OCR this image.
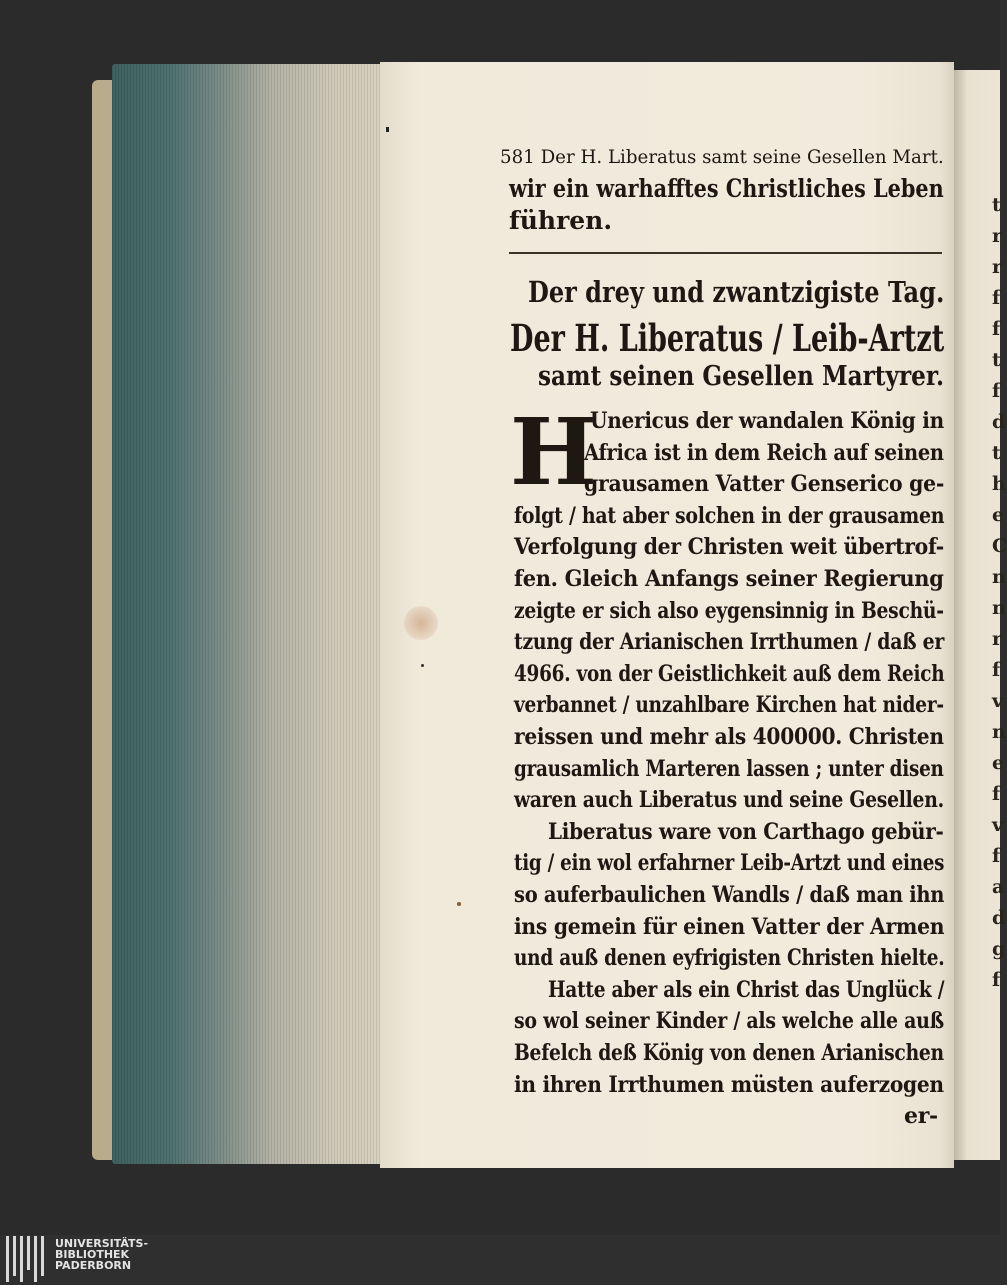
t
r
r
f
f
t
f
d
t
h
e
C
n
n
r
f
v
n
e
f
v
f
a
d
g
f
581 Der H. Liberatus samt seine Gesellen Mart.
wir ein warhafftes Christliches Leben
führen.
Der drey und zwantzigiste Tag.
Der H. Liberatus / Leib-Artzt
samt seinen Gesellen Martyrer.
H
Unericus der wandalen König in
Africa ist in dem Reich auf seinen
grausamen Vatter Genserico ge-
folgt / hat aber solchen in der grausamen
Verfolgung der Christen weit übertrof-
fen. Gleich Anfangs seiner Regierung
zeigte er sich also eygensinnig in Beschü-
tzung der Arianischen Irrthumen / daß er
4966. von der Geistlichkeit auß dem Reich
verbannet / unzahlbare Kirchen hat nider-
reissen und mehr als 400000. Christen
grausamlich Marteren lassen ; unter disen
waren auch Liberatus und seine Gesellen.
Liberatus ware von Carthago gebür-
tig / ein wol erfahrner Leib-Artzt und eines
so auferbaulichen Wandls / daß man ihn
ins gemein für einen Vatter der Armen
und auß denen eyfrigisten Christen hielte.
Hatte aber als ein Christ das Unglück /
so wol seiner Kinder / als welche alle auß
Befelch deß König von denen Arianischen
in ihren Irrthumen müsten auferzogen
er-
UNIVERSITÄTS-
BIBLIOTHEK
PADERBORN
